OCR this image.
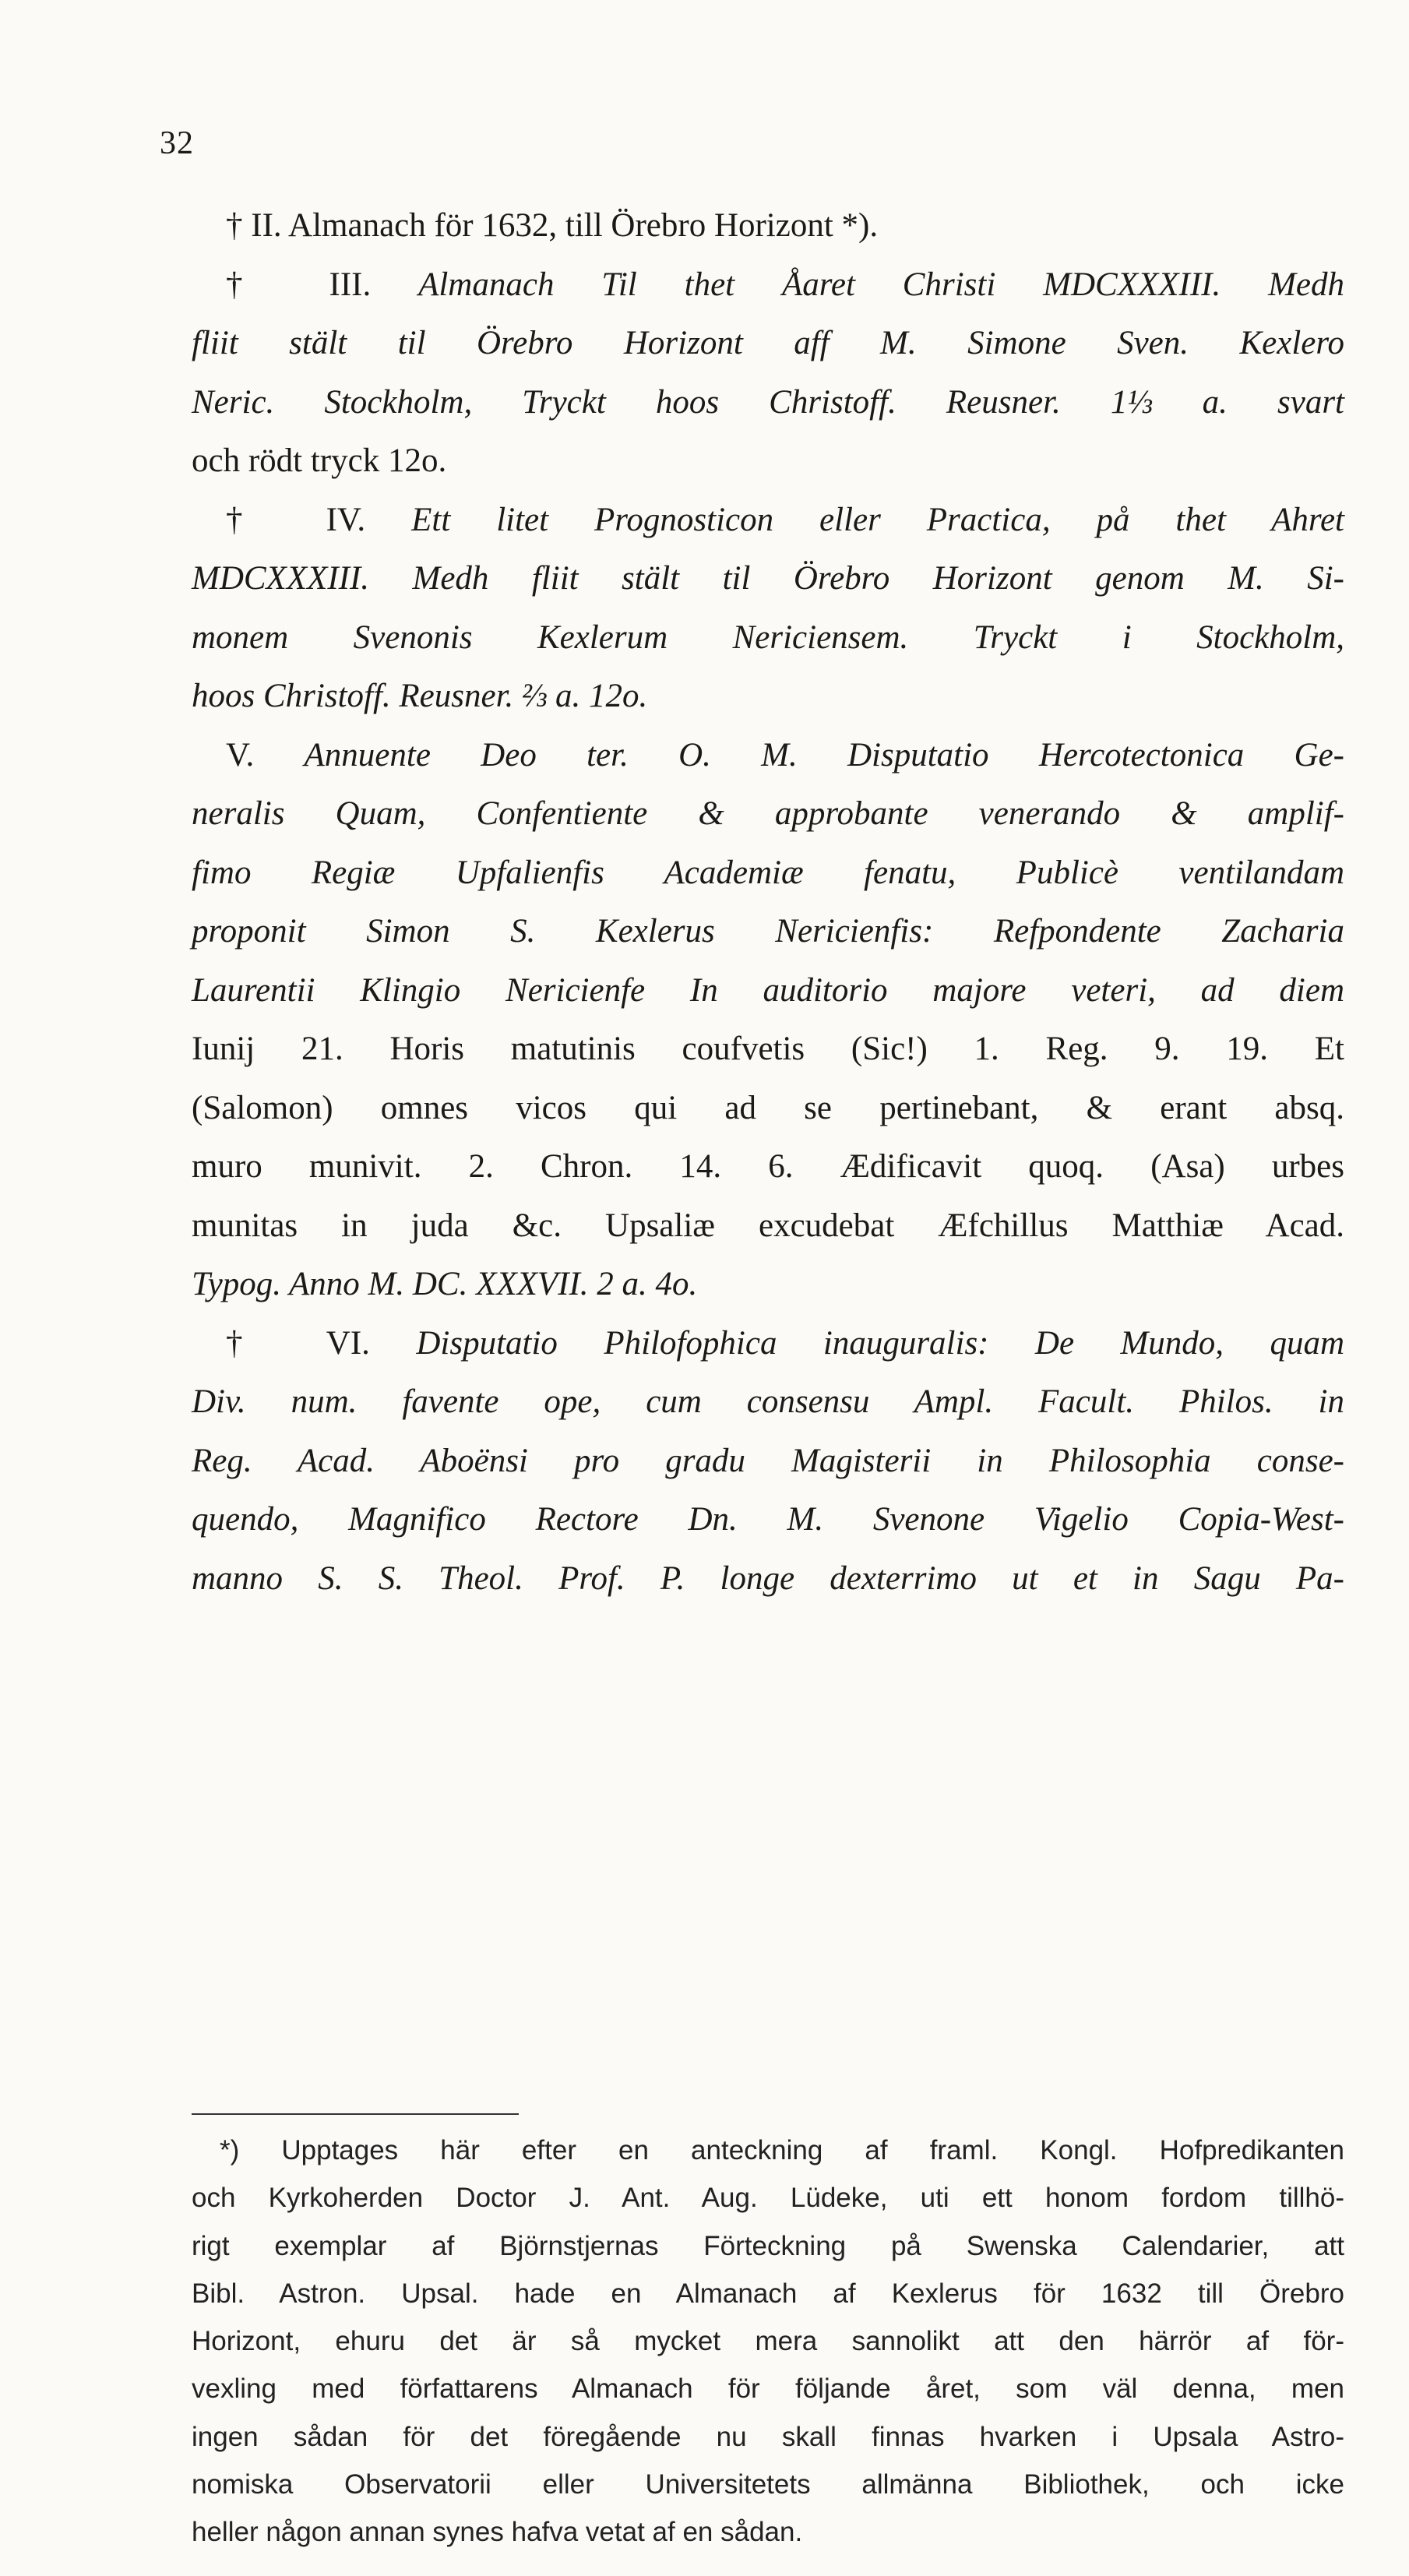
32
† II. Almanach för 1632, till Örebro Horizont *).
† III. Almanach Til thet Åaret Christi MDCXXXIII. Medh
fliit stält til Örebro Horizont aff M. Simone Sven. Kexlero
Neric. Stockholm, Tryckt hoos Christoff. Reusner. 1⅓ a. svart
och rödt tryck 12o.
† IV. Ett litet Prognosticon eller Practica, på thet Ahret
MDCXXXIII. Medh fliit stält til Örebro Horizont genom M. Si-
monem Svenonis Kexlerum Nericiensem. Tryckt i Stockholm,
hoos Christoff. Reusner. ⅔ a. 12o.
V. Annuente Deo ter. O. M. Disputatio Hercotectonica Ge-
neralis Quam, Confentiente & approbante venerando & amplif-
fimo Regiæ Upfalienfis Academiæ fenatu, Publicè ventilandam
proponit Simon S. Kexlerus Nericienfis: Refpondente Zacharia
Laurentii Klingio Nericienfe In auditorio majore veteri, ad diem
Iunij 21. Horis matutinis coufvetis (Sic!) 1. Reg. 9. 19. Et
(Salomon) omnes vicos qui ad se pertinebant, & erant absq.
muro munivit. 2. Chron. 14. 6. Ædificavit quoq. (Asa) urbes
munitas in juda &c. Upsaliæ excudebat Æfchillus Matthiæ Acad.
Typog. Anno M. DC. XXXVII. 2 a. 4o.
† VI. Disputatio Philofophica inauguralis: De Mundo, quam
Div. num. favente ope, cum consensu Ampl. Facult. Philos. in
Reg. Acad. Aboënsi pro gradu Magisterii in Philosophia conse-
quendo, Magnifico Rectore Dn. M. Svenone Vigelio Copia-West-
manno S. S. Theol. Prof. P. longe dexterrimo ut et in Sagu Pa-
*) Upptages här efter en anteckning af framl. Kongl. Hofpredikanten
och Kyrkoherden Doctor J. Ant. Aug. Lüdeke, uti ett honom fordom tillhö-
rigt exemplar af Björnstjernas Förteckning på Swenska Calendarier, att
Bibl. Astron. Upsal. hade en Almanach af Kexlerus för 1632 till Örebro
Horizont, ehuru det är så mycket mera sannolikt att den härrör af för-
vexling med författarens Almanach för följande året, som väl denna, men
ingen sådan för det föregående nu skall finnas hvarken i Upsala Astro-
nomiska Observatorii eller Universitetets allmänna Bibliothek, och icke
heller någon annan synes hafva vetat af en sådan.
